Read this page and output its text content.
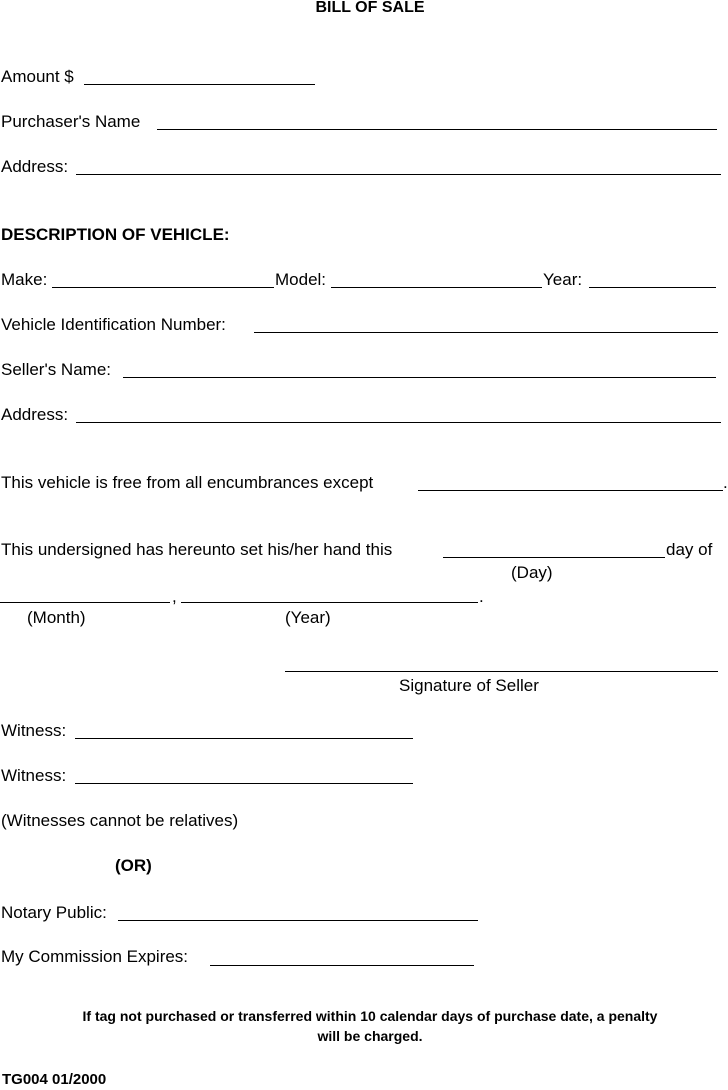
BILL OF SALE
Amount $
Purchaser's Name
Address:
DESCRIPTION OF VEHICLE:
Make:	Model:	Year:
Vehicle Identification Number:
Seller's Name:
Address:
This vehicle is free from all encumbrances except	.
This undersigned has hereunto set his/her hand this	day of
(Day)
,	.
(Month)	(Year)
Signature of Seller
Witness:
Witness:
(Witnesses cannot be relatives)
(OR)
Notary Public:
My Commission Expires:
If tag not purchased or transferred within 10 calendar days of purchase date, a penalty will be charged.
TG004 01/2000
